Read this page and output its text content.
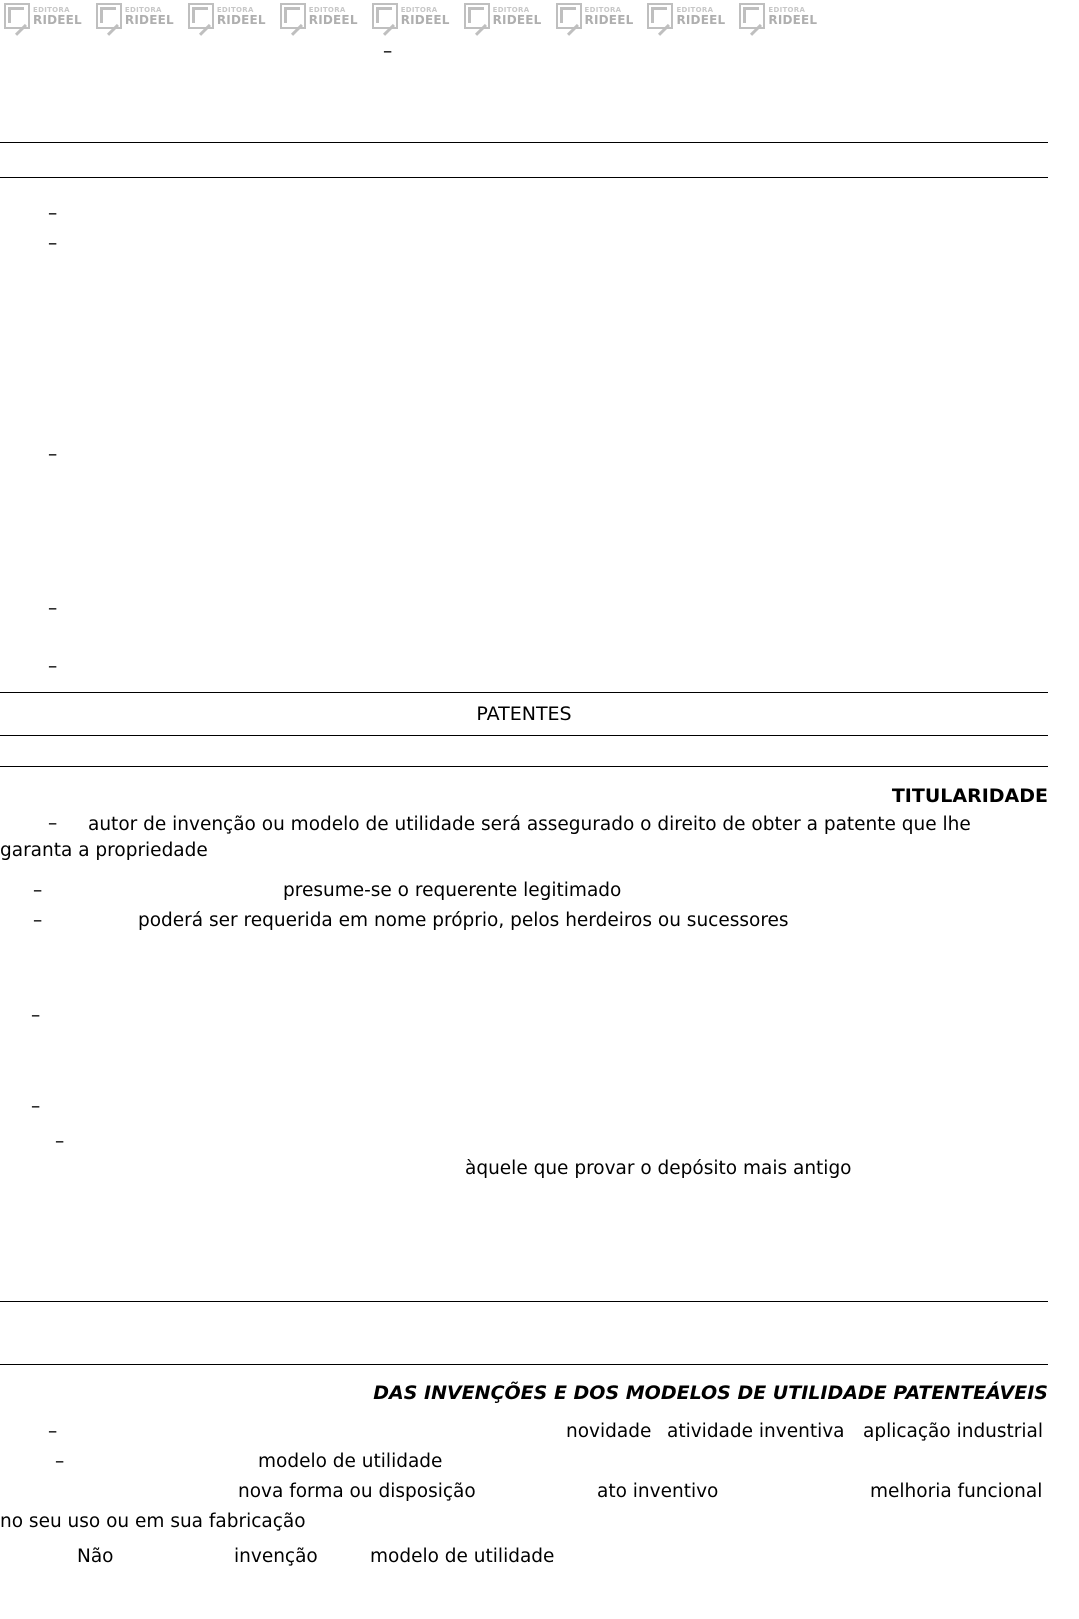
EDITORA
RIDEEL
EDITORA
RIDEEL
EDITORA
RIDEEL
EDITORA
RIDEEL
EDITORA
RIDEEL
EDITORA
RIDEEL
EDITORA
RIDEEL
EDITORA
RIDEEL
EDITORA
RIDEEL
–
–
–
–
–
–
PATENTES
TITULARIDADE
–	autor de invenção ou modelo de utilidade será assegurado o direito de obter a patente que lhe garanta a propriedade
–	presume-se o requerente legitimado
–	poderá ser requerida em nome próprio, pelos herdeiros ou sucessores
–
–
–
àquele que provar o depósito mais antigo
DAS INVENÇÕES E DOS MODELOS DE UTILIDADE PATENTEÁVEIS
–	novidade atividade inventiva aplicação industrial
–	modelo de utilidade
nova forma ou disposição	ato inventivo	melhoria funcional
no seu uso ou em sua fabricação
Não	invenção	modelo de utilidade
